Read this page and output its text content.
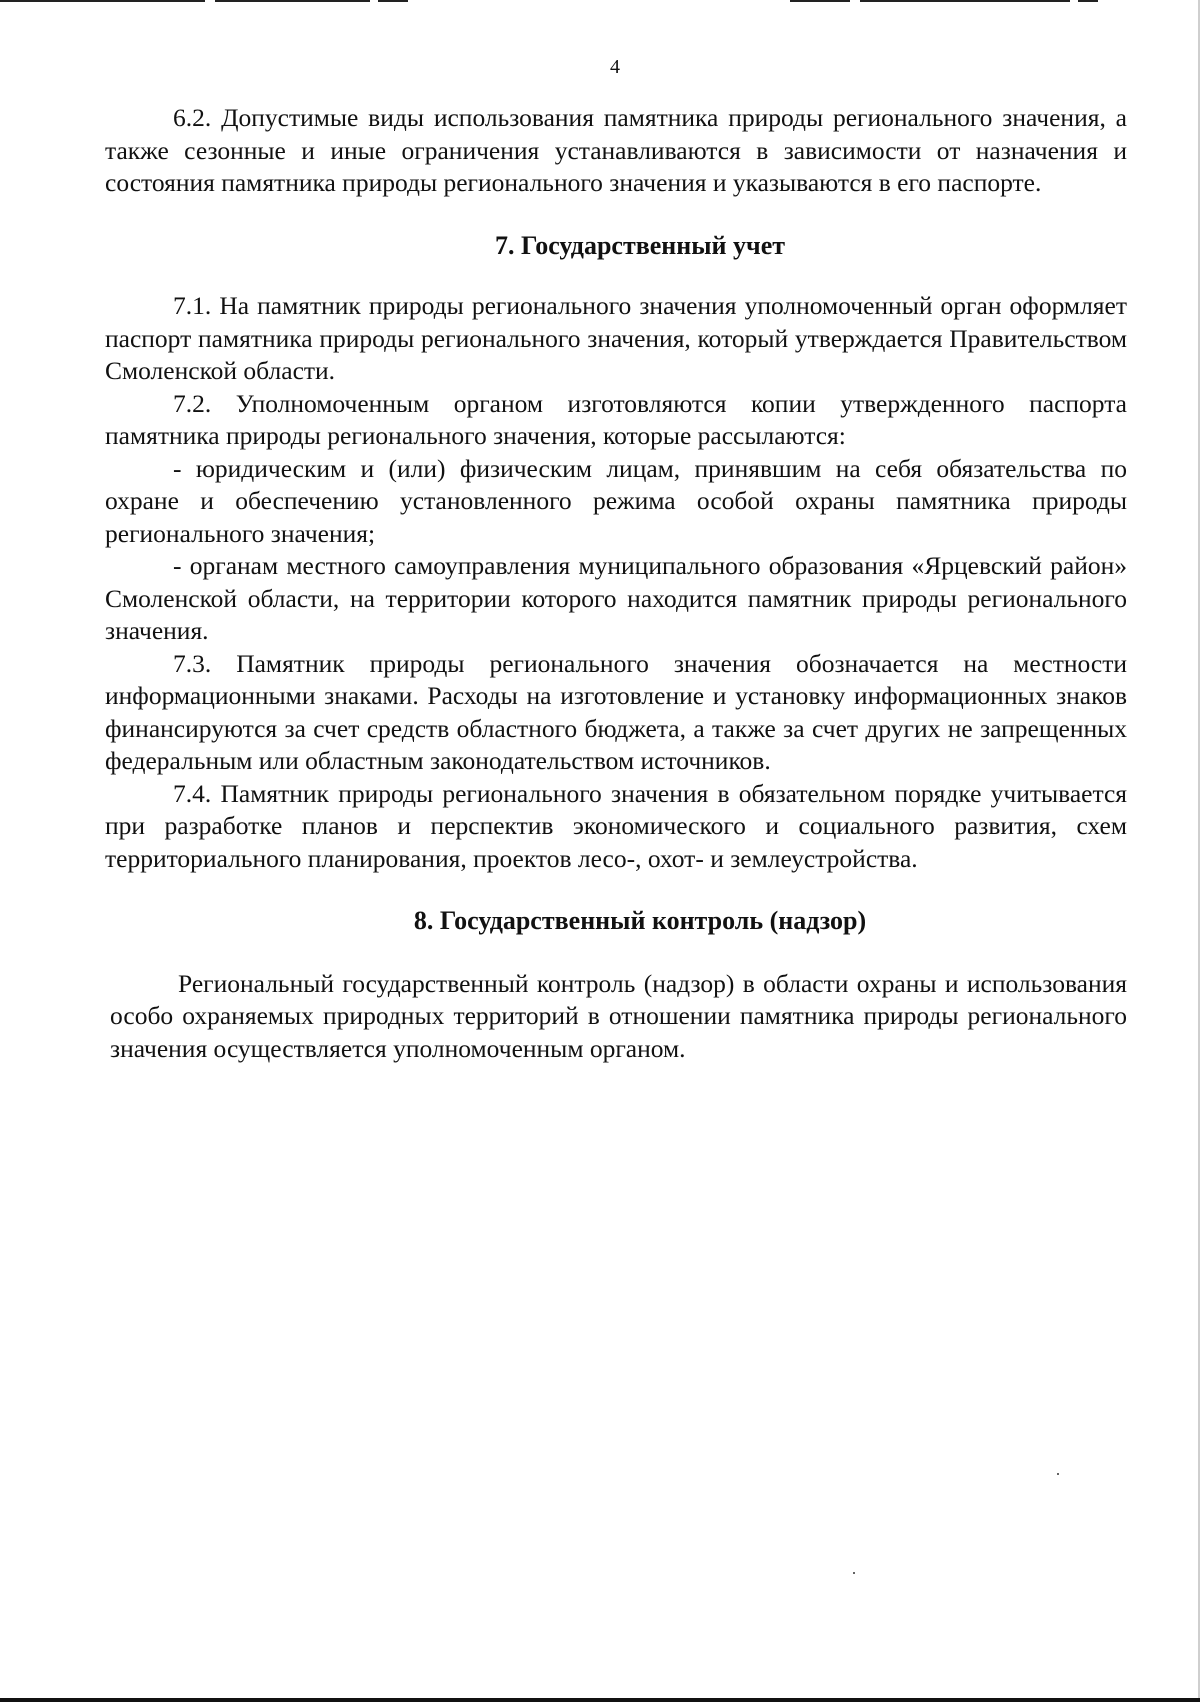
4

6.2. Допустимые виды использования памятника природы регионального значения, а также сезонные и иные ограничения устанавливаются в зависимости от назначения и состояния памятника природы регионального значения и указываются в его паспорте.

7. Государственный учет

7.1. На памятник природы регионального значения уполномоченный орган оформляет паспорт памятника природы регионального значения, который утверждается Правительством Смоленской области.

7.2. Уполномоченным органом изготовляются копии утвержденного паспорта памятника природы регионального значения, которые рассылаются:

- юридическим и (или) физическим лицам, принявшим на себя обязательства по охране и обеспечению установленного режима особой охраны памятника природы регионального значения;

- органам местного самоуправления муниципального образования «Ярцевский район» Смоленской области, на территории которого находится памятник природы регионального значения.

7.3. Памятник природы регионального значения обозначается на местности информационными знаками. Расходы на изготовление и установку информационных знаков финансируются за счет средств областного бюджета, а также за счет других не запрещенных федеральным или областным законодательством источников.

7.4. Памятник природы регионального значения в обязательном порядке учитывается при разработке планов и перспектив экономического и социального развития, схем территориального планирования, проектов лесо-, охот- и землеустройства.

8. Государственный контроль (надзор)

Региональный государственный контроль (надзор) в области охраны и использования особо охраняемых природных территорий в отношении памятника природы регионального значения осуществляется уполномоченным органом.
